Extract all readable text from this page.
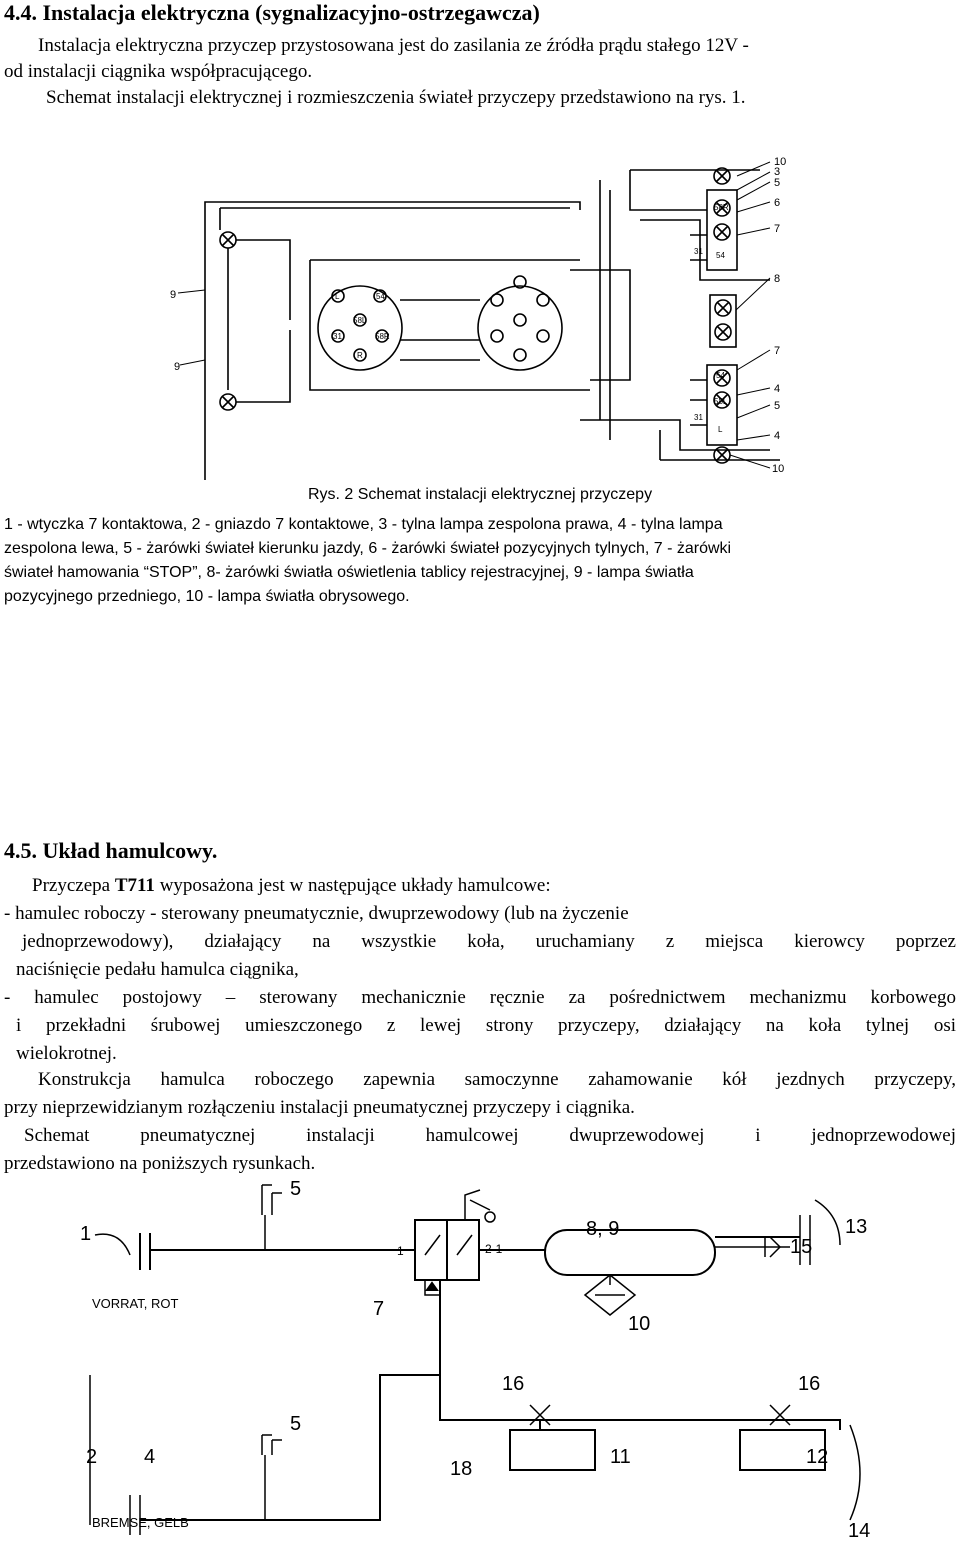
4.4. Instalacja elektryczna (sygnalizacyjno-ostrzegawcza)
Instalacja elektryczna przyczep przystosowana jest do zasilania ze źródła prądu stałego 12V -
od instalacji ciągnika współpracującego.
Schemat instalacji elektrycznej i rozmieszczenia świateł przyczepy przedstawiono na rys. 1.
10
3
5
6
7
8
7
4
5
4
10
9
9
L	54
58L
31	58R
R
58R
54
31
54
58L
31
L
Rys. 2 Schemat instalacji elektrycznej przyczepy
1 - wtyczka 7 kontaktowa, 2 - gniazdo 7 kontaktowe, 3 - tylna lampa zespolona prawa, 4 - tylna lampa
zespolona lewa, 5 - żarówki świateł kierunku jazdy, 6 - żarówki świateł pozycyjnych tylnych, 7 - żarówki
świateł hamowania “STOP”, 8- żarówki światła oświetlenia tablicy rejestracyjnej, 9 - lampa światła
pozycyjnego przedniego, 10 - lampa światła obrysowego.
4.5. Układ hamulcowy.
Przyczepa T711 wyposażona jest w następujące układy hamulcowe:
- hamulec roboczy - sterowany pneumatycznie, dwuprzewodowy (lub na życzenie
jednoprzewodowy), działający na wszystkie koła, uruchamiany z miejsca kierowcy poprzez
naciśnięcie pedału hamulca ciągnika,
- hamulec postojowy – sterowany mechanicznie ręcznie za pośrednictwem mechanizmu korbowego
i przekładni śrubowej umieszczonego z lewej strony przyczepy, działający na koła tylnej osi
wielokrotnej.
Konstrukcja hamulca roboczego zapewnia samoczynne zahamowanie kół jezdnych przyczepy,
przy nieprzewidzianym rozłączeniu instalacji pneumatycznej przyczepy i ciągnika.
Schemat pneumatycznej instalacji hamulcowej dwuprzewodowej i jednoprzewodowej
przedstawiono na poniższych rysunkach.
5
1
VORRAT, ROT
8, 9	13
15
1	2-1
7
10
5
16	16
2 4	11	12
18
BREMSE, GELB	14
